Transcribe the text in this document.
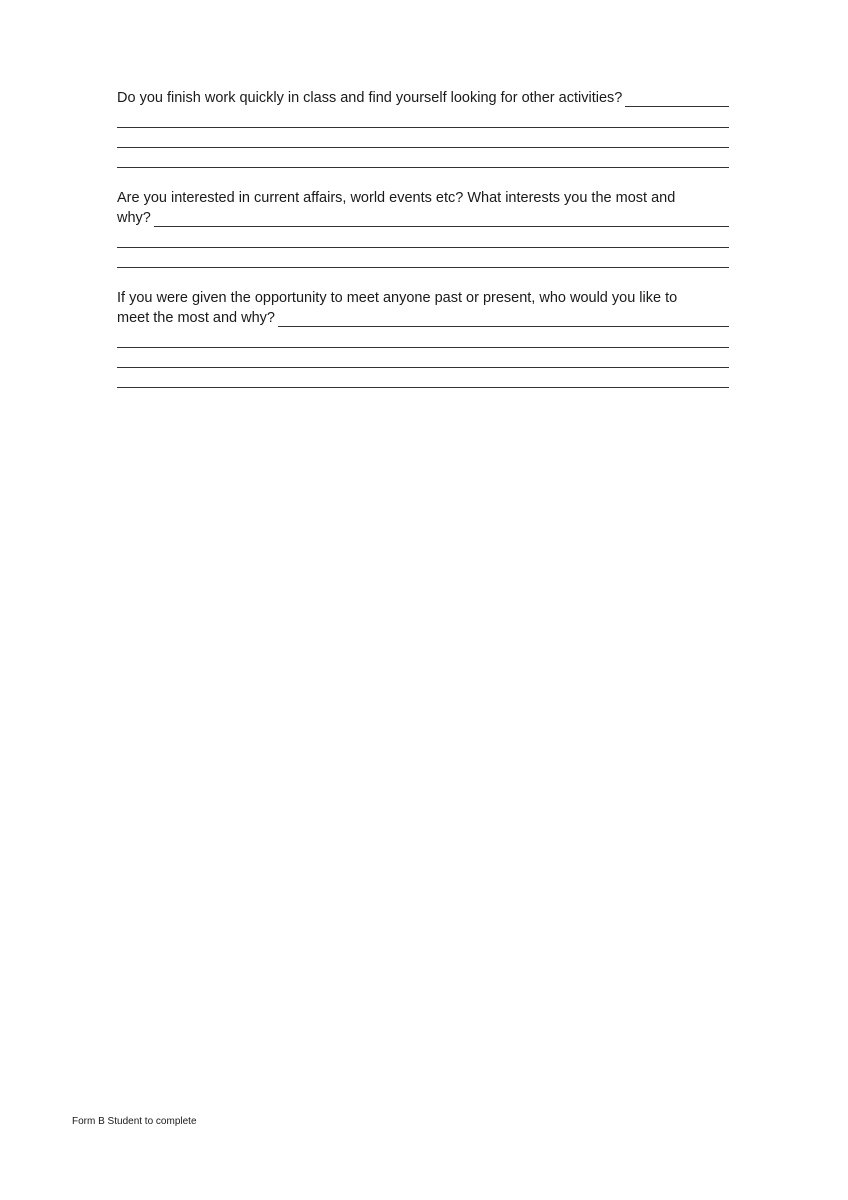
Do you finish work quickly in class and find yourself looking for other activities?
Are you interested in current affairs, world events etc? What interests you the most and
why?
If you were given the opportunity to meet anyone past or present, who would you like to
meet the most and why?
Form B Student to complete
